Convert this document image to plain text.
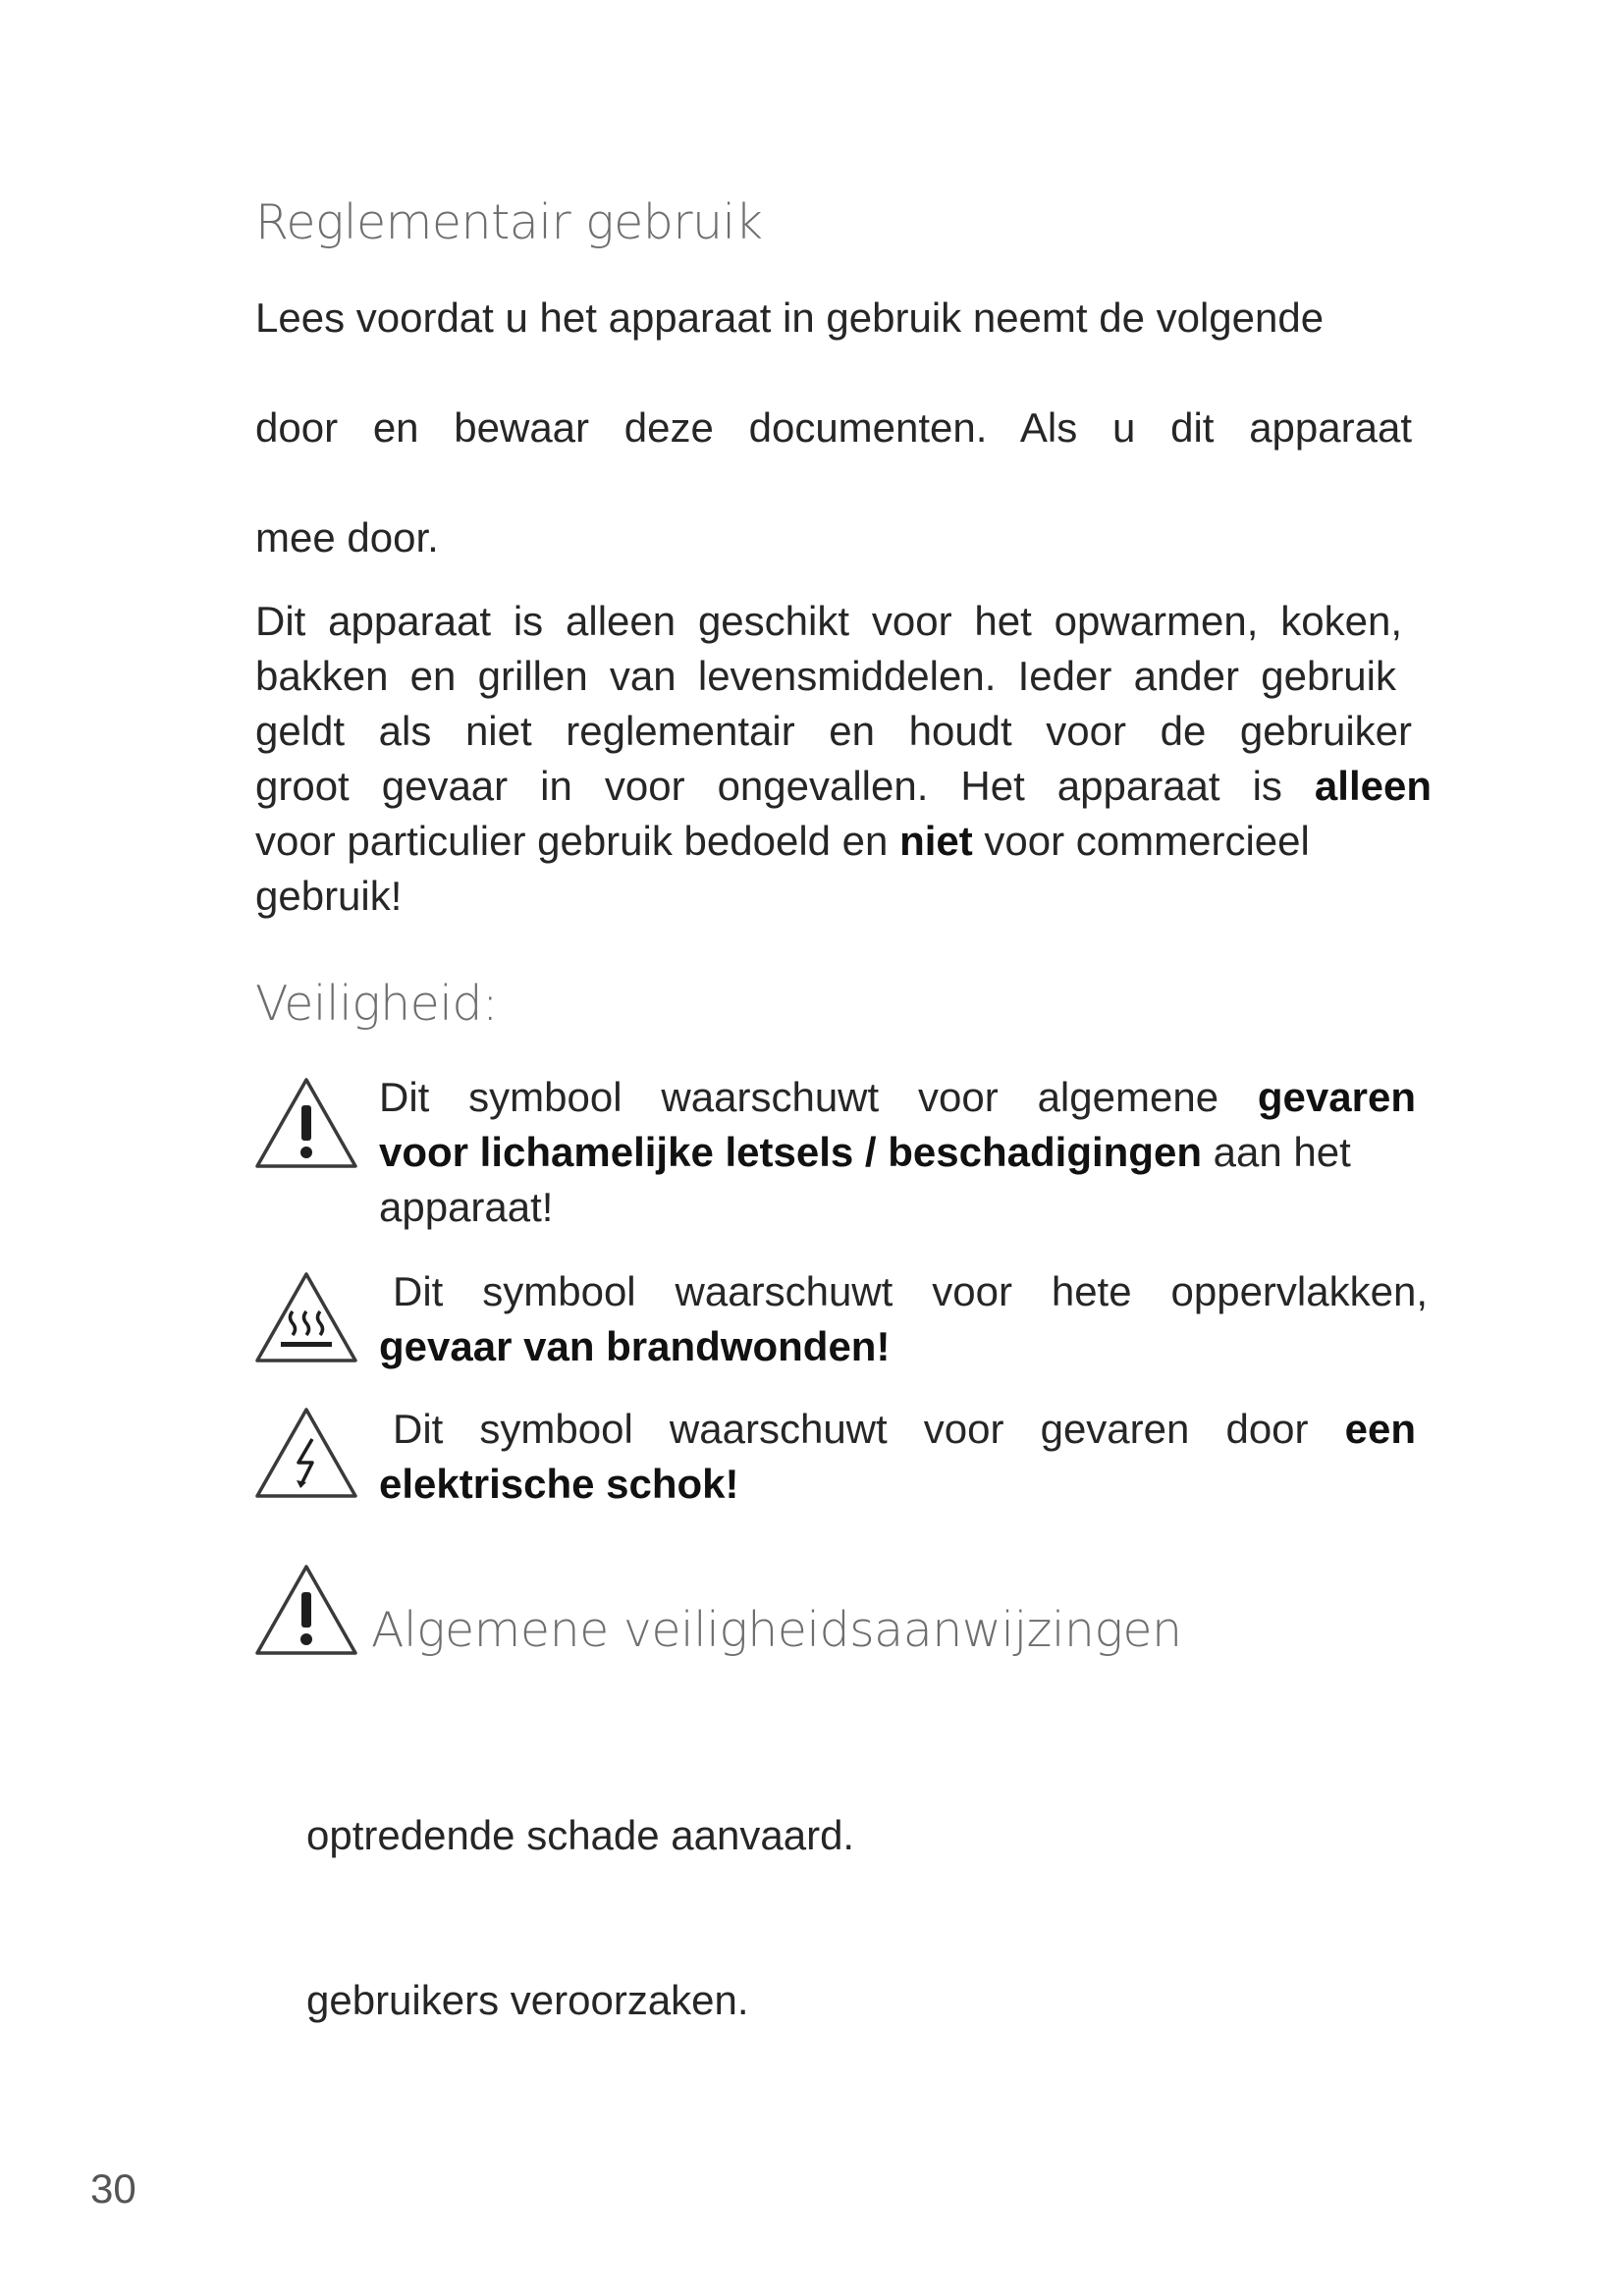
Reglementair gebruik
Lees voordat u het apparaat in gebruik neemt de volgende
door en bewaar deze documenten. Als u dit apparaat
mee door.
Dit apparaat is alleen geschikt voor het opwarmen, koken,
bakken en grillen van levensmiddelen. Ieder ander gebruik
geldt als niet reglementair en houdt voor de gebruiker
groot gevaar in voor ongevallen. Het apparaat is alleen
voor particulier gebruik bedoeld en niet voor commercieel
gebruik!
Veiligheid:
Dit symbool waarschuwt voor algemene gevaren
voor lichamelijke letsels / beschadigingen aan het
apparaat!
Dit symbool waarschuwt voor hete oppervlakken,
gevaar van brandwonden!
Dit symbool waarschuwt voor gevaren door een
elektrische schok!
Algemene veiligheidsaanwijzingen
optredende schade aanvaard.
gebruikers veroorzaken.
30
